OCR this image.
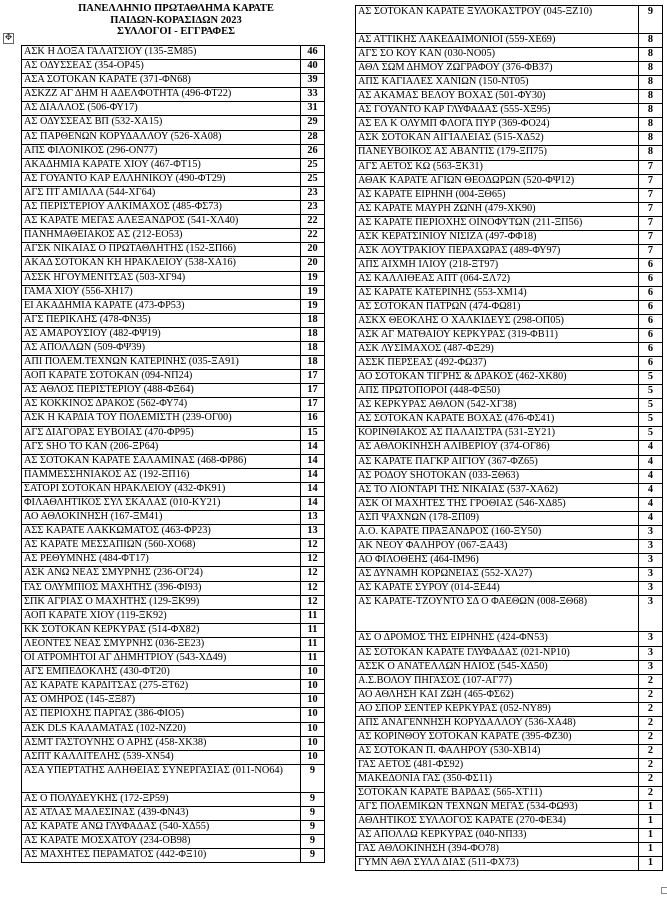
ΠΑΝΕΛΛΗΝΙΟ ΠΡΩΤΑΘΛΗΜΑ ΚΑΡΑΤΕ
ΠΑΙΔΩΝ-ΚΟΡΑΣΙΔΩΝ 2023
ΣΥΛΛΟΓΟΙ - ΕΓΓΡΑΦΕΣ
✥
ΑΣΚ Η ΔΟΞΑ ΓΑΛΑΤΣΙΟΥ (135-ΞΜ85)	46
ΑΣ ΟΔΥΣΣΕΑΣ (354-ΟΡ45)	40
ΑΣΑ ΣΟΤΟΚΑΝ ΚΑΡΑΤΕ (371-ΦΝ68)	39
ΑΣΚΖΖ ΑΓ ΔΗΜ Η ΑΔΕΛΦΟΤΗΤΑ (496-ΦΤ22)	33
ΑΣ ΔΙΑΛΛΟΣ (506-ΦΥ17)	31
ΑΣ ΟΔΥΣΣΕΑΣ ΒΠ (532-ΧΑ15)	29
ΑΣ ΠΑΡΘΕΝΩΝ ΚΟΡΥΔΑΛΛΟΥ (526-ΧΑ08)	28
ΑΠΣ ΦΙΛΟΝΙΚΟΣ (296-ΟΝ77)	26
ΑΚΑΔΗΜΙΑ ΚΑΡΑΤΕ ΧΙΟΥ (467-ΦΤ15)	25
ΑΣ ΓΟΥΑΝΤΟ ΚΑΡ ΕΛΛΗΝΙΚΟΥ (490-ΦΤ29)	25
ΑΓΣ ΠΤ ΑΜΙΛΛΑ (544-ΧΓ64)	23
ΑΣ ΠΕΡΙΣΤΕΡΙΟΥ ΑΛΚΙΜΑΧΟΣ (485-ΦΣ73)	23
ΑΣ ΚΑΡΑΤΕ ΜΕΓΑΣ ΑΛΕΞΑΝΔΡΟΣ (541-ΧΛ40)	22
ΠΑΝΗΜΑΘΕΙΑΚΟΣ ΑΣ (212-ΕΟ53)	22
ΑΓΣΚ ΝΙΚΑΙΑΣ Ο ΠΡΩΤΑΘΛΗΤΗΣ (152-ΞΠ66)	20
ΑΚΑΔ ΣΟΤΟΚΑΝ ΚΗ ΗΡΑΚΛΕΙΟΥ (538-ΧΑ16)	20
ΑΣΣΚ ΗΓΟΥΜΕΝΙΤΣΑΣ (503-ΧΓ94)	19
ΓΑΜΑ ΧΙΟΥ (556-ΧΗ17)	19
ΕΙ ΑΚΑΔΗΜΙΑ ΚΑΡΑΤΕ (473-ΦΡ53)	19
ΑΓΣ ΠΕΡΙΚΛΗΣ (478-ΦΝ35)	18
ΑΣ ΑΜΑΡΟΥΣΙΟΥ (482-ΦΨ19)	18
ΑΣ ΑΠΟΛΛΩΝ (509-ΦΨ39)	18
ΑΠΙ ΠΟΛΕΜ.ΤΕΧΝΩΝ ΚΑΤΕΡΙΝΗΣ (035-ΞΑ91)	18
ΑΟΠ ΚΑΡΑΤΕ ΣΟΤΟΚΑΝ (094-ΝΠ24)	17
ΑΣ ΑΘΛΟΣ ΠΕΡΙΣΤΕΡΙΟΥ (488-ΦΞ64)	17
ΑΣ ΚΟΚΚΙΝΟΣ ΔΡΑΚΟΣ (562-ΦΥ74)	17
ΑΣΚ Η ΚΑΡΔΙΑ ΤΟΥ ΠΟΛΕΜΙΣΤΗ (239-ΟΓ00)	16
ΑΓΣ ΔΙΑΓΟΡΑΣ ΕΥΒΟΙΑΣ (470-ΦΡ95)	15
ΑΓΣ SHO TO ΚΑΝ (206-ΞΡ64)	14
ΑΣ ΣΟΤΟΚΑΝ ΚΑΡΑΤΕ ΣΑΛΑΜΙΝΑΣ (468-ΦΡ86)	14
ΠΑΜΜΕΣΣΗΝΙΑΚΟΣ ΑΣ (192-ΞΠ16)	14
ΣΑΤΟΡΙ ΣΟΤΟΚΑΝ ΗΡΑΚΛΕΙΟΥ (432-ΦΚ91)	14
ΦΙΛΑΘΛΗΤΙΚΟΣ ΣΥΛ ΣΚΑΛΑΣ (010-ΚΥ21)	14
ΑΟ ΑΘΛΟΚΙΝΗΣΗ (167-ΞΜ41)	13
ΑΣΣ ΚΑΡΑΤΕ ΛΑΚΚΩΜΑΤΟΣ (463-ΦΡ23)	13
ΑΣ ΚΑΡΑΤΕ ΜΕΣΣΑΠΙΩΝ (560-ΧΟ68)	12
ΑΣ ΡΕΘΥΜΝΗΣ (484-ΦΤ17)	12
ΑΣΚ ΑΝΩ ΝΕΑΣ ΣΜΥΡΝΗΣ (236-ΟΓ24)	12
ΓΑΣ ΟΛΥΜΠΙΟΣ ΜΑΧΗΤΗΣ (396-ΦΙ93)	12
ΣΠΚ ΑΓΡΙΑΣ Ο ΜΑΧΗΤΗΣ (129-ΞΚ99)	12
ΑΟΠ ΚΑΡΑΤΕ ΧΙΟΥ (119-ΞΚ92)	11
ΚΚ ΣΟΤΟΚΑΝ ΚΕΡΚΥΡΑΣ (514-ΦΧ82)	11
ΛΕΟΝΤΕΣ ΝΕΑΣ ΣΜΥΡΝΗΣ (036-ΞΕ23)	11
ΟΙ ΑΤΡΟΜΗΤΟΙ ΑΓ ΔΗΜΗΤΡΙΟΥ (543-ΧΔ49)	11
ΑΓΣ ΕΜΠΕΔΟΚΛΗΣ (430-ΦΤ20)	10
ΑΣ ΚΑΡΑΤΕ ΚΑΡΔΙΤΣΑΣ (275-ΞΤ62)	10
ΑΣ ΟΜΗΡΟΣ (145-ΞΞ87)	10
ΑΣ ΠΕΡΙΟΧΗΣ ΠΑΡΓΑΣ (386-ΦΙΟ5)	10
ΑΣΚ DLS ΚΑΛΑΜΑΤΑΣ (102-ΝΖ20)	10
ΑΣΜΤ ΓΑΣΤΟΥΝΗΣ Ο ΑΡΗΣ (458-ΧΚ38)	10
ΑΣΠΤ ΚΑΛΛΙΤΕΛΗΣ (539-ΧΝ54)	10
ΑΣΑ ΥΠΕΡΤΑΤΗΣ ΑΛΗΘΕΙΑΣ ΣΥΝΕΡΓΑΣΙΑΣ (011-ΝΟ64)	9
ΑΣ Ο ΠΟΛΥΔΕΥΚΗΣ (172-ΞΡ59)	9
ΑΣ ΑΤΛΑΣ ΜΑΛΕΣΙΝΑΣ (439-ΦΝ43)	9
ΑΣ ΚΑΡΑΤΕ ΑΝΩ ΓΛΥΦΑΔΑΣ (540-ΧΔ55)	9
ΑΣ ΚΑΡΑΤΕ ΜΟΣΧΑΤΟΥ (234-ΟΒ98)	9
ΑΣ ΜΑΧΗΤΕΣ ΠΕΡΑΜΑΤΟΣ (442-ΦΞ10)	9
ΑΣ ΣΟΤΟΚΑΝ ΚΑΡΑΤΕ ΞΥΛΟΚΑΣΤΡΟΥ (045-ΞΖ10)	9
ΑΣ ΑΤΤΙΚΗΣ ΛΑΚΕΔΑΙΜΟΝΙΟΙ (559-ΧΕ69)	8
ΑΓΣ ΣΟ ΚΟΥ ΚΑΝ (030-ΝΟ05)	8
ΑΘΛ ΣΩΜ ΔΗΜΟΥ ΖΩΓΡΑΦΟΥ (376-ΦΒ37)	8
ΑΠΣ ΚΑΓΙΑΛΕΣ ΧΑΝΙΩΝ (150-ΝΤ05)	8
ΑΣ ΑΚΑΜΑΣ ΒΕΛΟΥ ΒΟΧΑΣ (501-ΦΥ30)	8
ΑΣ ΓΟΥΑΝΤΟ ΚΑΡ ΓΛΥΦΑΔΑΣ (555-ΧΞ95)	8
ΑΣ ΕΛ Κ ΟΛΥΜΠ ΦΛΟΓΑ ΠΥΡ (369-ΦΟ24)	8
ΑΣΚ ΣΟΤΟΚΑΝ ΑΙΓΙΑΛΕΙΑΣ (515-ΧΔ52)	8
ΠΑΝΕΥΒΟΙΚΟΣ ΑΣ ΑΒΑΝΤΙΣ (179-ΞΠ75)	8
ΑΓΣ ΑΕΤΟΣ ΚΩ (563-ΞΚ31)	7
ΑΘΑΚ ΚΑΡΑΤΕ ΑΓΙΩΝ ΘΕΟΔΩΡΩΝ (520-ΦΨ12)	7
ΑΣ ΚΑΡΑΤΕ ΕΙΡΗΝΗ (004-ΞΘ65)	7
ΑΣ ΚΑΡΑΤΕ ΜΑΥΡΗ ΖΩΝΗ (479-ΧΚ90)	7
ΑΣ ΚΑΡΑΤΕ ΠΕΡΙΟΧΗΣ ΟΙΝΟΦΥΤΩΝ (211-ΞΠ56)	7
ΑΣΚ ΚΕΡΑΤΣΙΝΙΟΥ ΝΙΣΙΖΑ (497-ΦΦ18)	7
ΑΣΚ ΛΟΥΤΡΑΚΙΟΥ ΠΕΡΑΧΩΡΑΣ (489-ΦΥ97)	7
ΑΠΣ ΑΙΧΜΗ ΙΛΙΟΥ (218-ΞΤ97)	6
ΑΣ ΚΑΛΛΙΘΕΑΣ ΑΠΤ (064-ΞΛ72)	6
ΑΣ ΚΑΡΑΤΕ ΚΑΤΕΡΙΝΗΣ (553-ΧΜ14)	6
ΑΣ ΣΟΤΟΚΑΝ ΠΑΤΡΩΝ (474-ΦΩ81)	6
ΑΣΚΧ ΘΕΟΚΛΗΣ Ο ΧΑΛΚΙΔΕΥΣ (298-ΟΠ05)	6
ΑΣΚ ΑΓ ΜΑΤΘΑΙΟΥ ΚΕΡΚΥΡΑΣ (319-ΦΒ11)	6
ΑΣΚ ΛΥΣΙΜΑΧΟΣ (487-ΦΞ29)	6
ΑΣΣΚ ΠΕΡΣΕΑΣ (492-ΦΩ37)	6
ΑΟ ΣΟΤΟΚΑΝ ΤΙΓΡΗΣ & ΔΡΑΚΟΣ (462-ΧΚ80)	5
ΑΠΣ ΠΡΩΤΟΠΟΡΟΙ (448-ΦΞ50)	5
ΑΣ ΚΕΡΚΥΡΑΣ ΑΘΛΟΝ (542-ΧΓ38)	5
ΑΣ ΣΟΤΟΚΑΝ ΚΑΡΑΤΕ ΒΟΧΑΣ (476-ΦΣ41)	5
ΚΟΡΙΝΘΙΑΚΟΣ ΑΣ ΠΑΛΑΙΣΤΡΑ (531-ΞΥ21)	5
ΑΣ ΑΘΛΟΚΙΝΗΣΗ ΑΛΙΒΕΡΙΟΥ (374-ΟΓ86)	4
ΑΣ ΚΑΡΑΤΕ ΠΑΓΚΡ ΑΙΓΙΟΥ (367-ΦΖ65)	4
ΑΣ ΡΟΔΟΥ SHOTOKAN (033-ΞΘ63)	4
ΑΣ ΤΟ ΛΙΟΝΤΑΡΙ ΤΗΣ ΝΙΚΑΙΑΣ (537-ΧΑ62)	4
ΑΣΚ ΟΙ ΜΑΧΗΤΕΣ ΤΗΣ ΓΡΟΘΙΑΣ (546-ΧΔ85)	4
ΑΣΠ ΨΑΧΝΩΝ (178-ΞΠ09)	4
Α.Ο. ΚΑΡΑΤΕ ΠΡΑΞΑΝΔΡΟΣ (160-ΞΥ50)	3
ΑΚ ΝΕΟΥ ΦΑΛΗΡΟΥ (067-ΞΑ43)	3
ΑΟ ΦΙΛΟΘΕΗΣ (464-ΙΜ96)	3
ΑΣ ΔΥΝΑΜΗ ΚΟΡΩΝΕΙΑΣ (552-ΧΛ27)	3
ΑΣ ΚΑΡΑΤΕ ΣΥΡΟΥ (014-ΞΕ44)	3
ΑΣ ΚΑΡΑΤΕ-ΤΖΟΥΝΤΟ ΣΔ Ο ΦΑΕΘΩΝ (008-ΞΘ68)	3
ΑΣ Ο ΔΡΟΜΟΣ ΤΗΣ ΕΙΡΗΝΗΣ (424-ΦΝ53)	3
ΑΣ ΣΟΤΟΚΑΝ ΚΑΡΑΤΕ ΓΛΥΦΑΔΑΣ (021-ΝΡ10)	3
ΑΣΣΚ Ο ΑΝΑΤΕΛΛΩΝ ΗΛΙΟΣ (545-ΧΔ50)	3
Α.Σ.ΒΟΛΟΥ ΠΗΓΑΣΟΣ (107-ΑΓ77)	2
ΑΟ ΑΘΛΗΣΗ ΚΑΙ ΖΩΗ (465-ΦΣ62)	2
ΑΟ ΣΠΟΡ ΣΕΝΤΕΡ ΚΕΡΚΥΡΑΣ (052-ΝΥ89)	2
ΑΠΣ ΑΝΑΓΕΝΝΗΣΗ ΚΟΡΥΔΑΛΛΟΥ (536-ΧΑ48)	2
ΑΣ ΚΟΡΙΝΘΟΥ ΣΟΤΟΚΑΝ ΚΑΡΑΤΕ (395-ΦΖ30)	2
ΑΣ ΣΟΤΟΚΑΝ Π. ΦΑΛΗΡΟΥ (530-ΧΒ14)	2
ΓΑΣ ΑΕΤΟΣ (481-ΦΣ92)	2
ΜΑΚΕΔΟΝΙΑ ΓΑΣ (350-ΦΣ11)	2
ΣΟΤΟΚΑΝ ΚΑΡΑΤΕ ΒΑΡΔΑΣ (565-ΧΤ11)	2
ΑΓΣ ΠΟΛΕΜΙΚΩΝ ΤΕΧΝΩΝ ΜΕΓΑΣ (534-ΦΩ93)	1
ΑΘΛΗΤΙΚΟΣ ΣΥΛΛΟΓΟΣ ΚΑΡΑΤΕ (270-ΦΕ34)	1
ΑΣ ΑΠΟΛΛΩ ΚΕΡΚΥΡΑΣ (040-ΝΠ33)	1
ΓΑΣ ΑΘΛΟΚΙΝΗΣΗ (394-ΦΟ78)	1
ΓΥΜΝ ΑΘΛ ΣΥΛΛ ΔΙΑΣ (511-ΦΧ73)	1
